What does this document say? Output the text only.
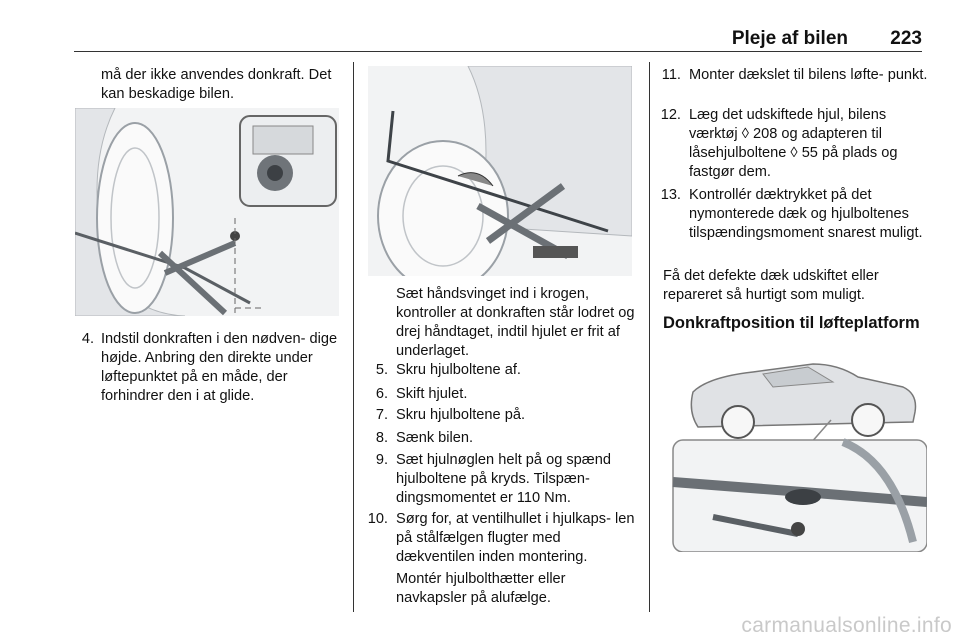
Pleje af bilen 223

må der ikke anvendes donkraft. Det kan beskadige bilen.

4. Indstil donkraften i den nødven- dige højde. Anbring den direkte under løftepunktet på en måde, der forhindrer den i at glide.

Sæt håndsvinget ind i krogen, kontroller at donkraften står lodret og drej håndtaget, indtil hjulet er frit af underlaget.

5. Skru hjulboltene af.

6. Skift hjulet.

7. Skru hjulboltene på.

8. Sænk bilen.

9. Sæt hjulnøglen helt på og spænd hjulboltene på kryds. Tilspæn- dingsmomentet er 110 Nm.

10. Sørg for, at ventilhullet i hjulkaps- len på stålfælgen flugter med dækventilen inden montering.

Montér hjulbolthætter eller navkapsler på alufælge.

11. Monter dækslet til bilens løfte- punkt.

12. Læg det udskiftede hjul, bilens værktøj ◊ 208 og adapteren til låsehjulboltene ◊ 55 på plads og fastgør dem.

13. Kontrollér dæktrykket på det nymonterede dæk og hjulboltenes tilspændingsmoment snarest muligt.

Få det defekte dæk udskiftet eller repareret så hurtigt som muligt.

Donkraftposition til løfteplatform
carmanualsonline.info
